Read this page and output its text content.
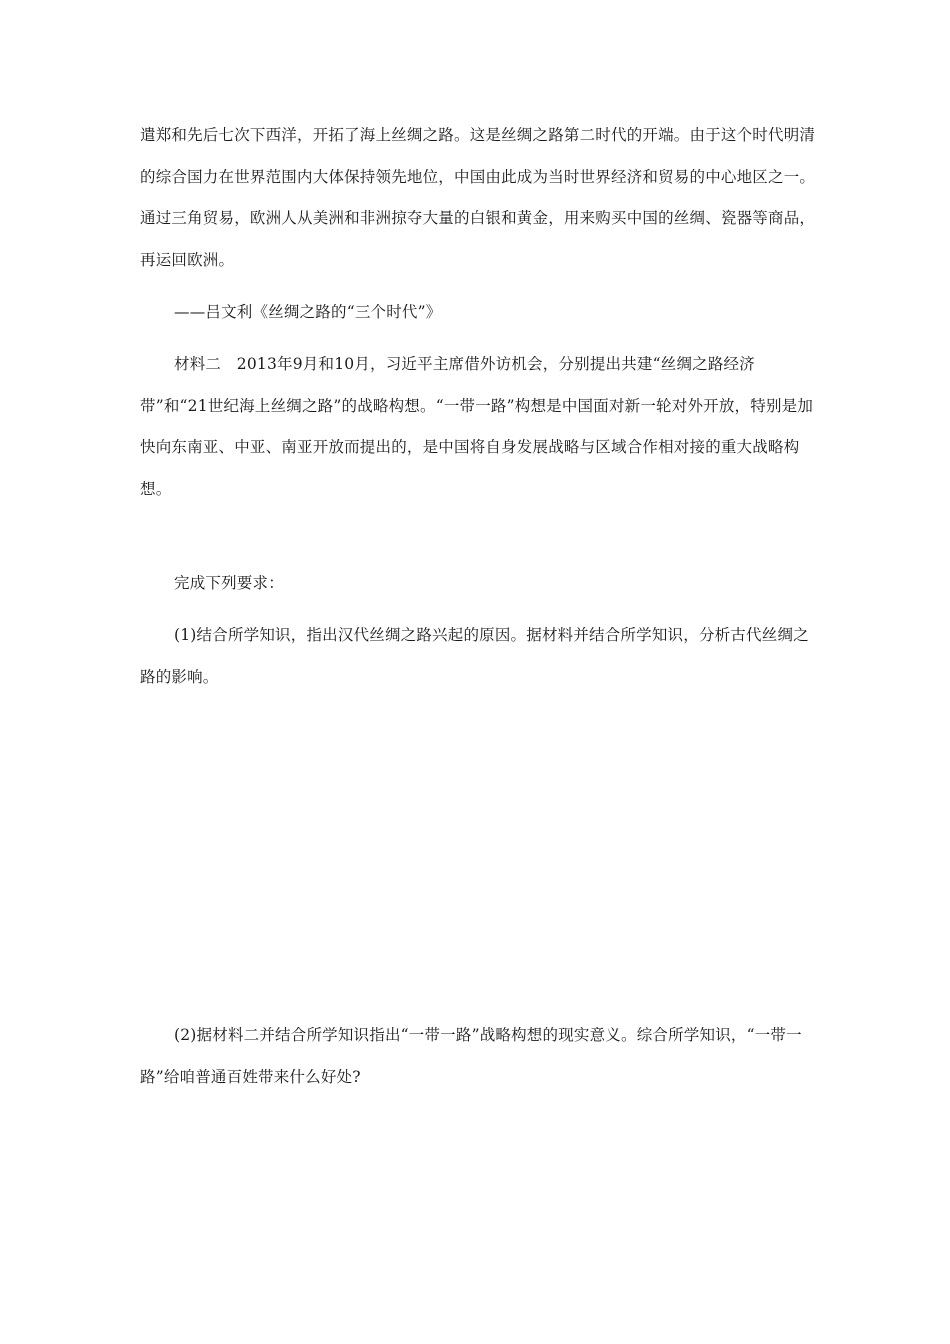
遣郑和先后七次下西洋，开拓了海上丝绸之路。这是丝绸之路第二时代的开端。由于这个时代明清的综合国力在世界范围内大体保持领先地位，中国由此成为当时世界经济和贸易的中心地区之一。通过三角贸易，欧洲人从美洲和非洲掠夺大量的白银和黄金，用来购买中国的丝绸、瓷器等商品，再运回欧洲。

——吕文利《丝绸之路的“三个时代”》

材料二　2013年9月和10月，习近平主席借外访机会，分别提出共建“丝绸之路经济带”和“21世纪海上丝绸之路”的战略构想。“一带一路”构想是中国面对新一轮对外开放，特别是加快向东南亚、中亚、南亚开放而提出的，是中国将自身发展战略与区域合作相对接的重大战略构想。

完成下列要求：

(1)结合所学知识，指出汉代丝绸之路兴起的原因。据材料并结合所学知识，分析古代丝绸之路的影响。

(2)据材料二并结合所学知识指出“一带一路”战略构想的现实意义。综合所学知识，“一带一路”给咱普通百姓带来什么好处?
